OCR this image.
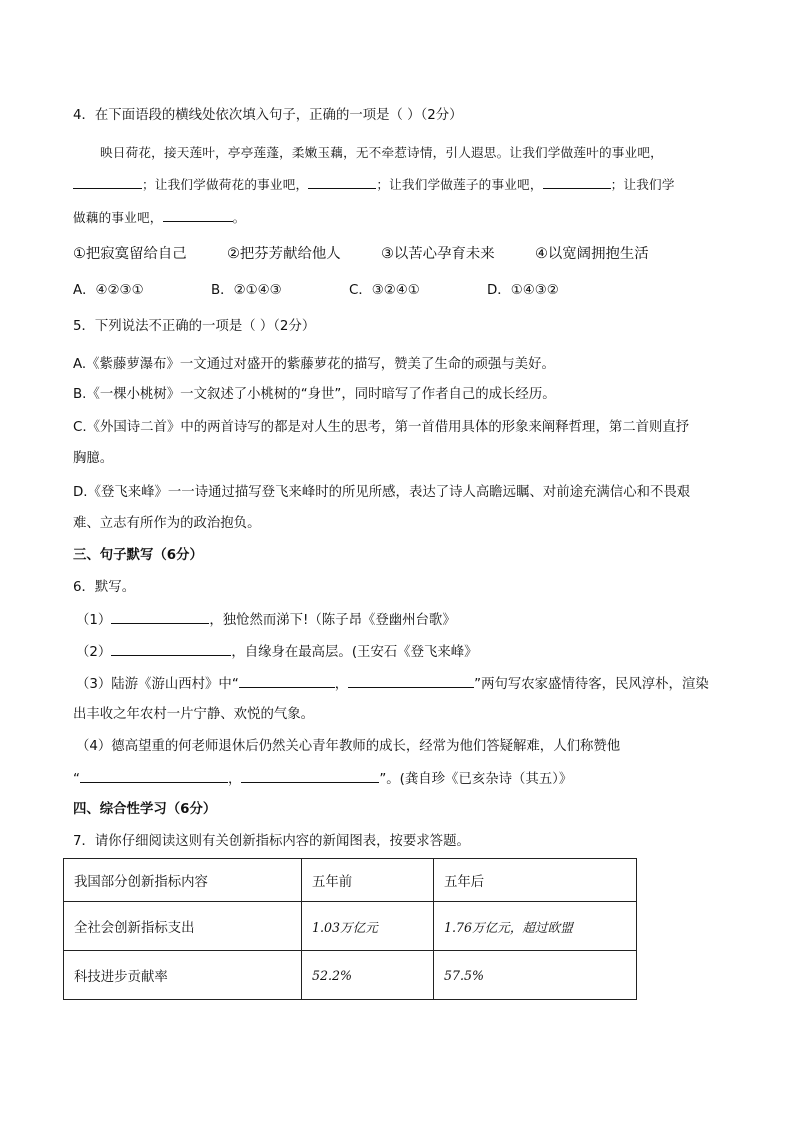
4．在下面语段的横线处依次填入句子，正确的一项是（ ）（2分）
映日荷花，接天莲叶，亭亭莲蓬，柔嫩玉藕，无不牵惹诗情，引人遐思。让我们学做莲叶的事业吧，
；让我们学做荷花的事业吧，	；让我们学做莲子的事业吧，	；让我们学
做藕的事业吧，	。
①把寂寞留给自己	②把芬芳献给他人	③以苦心孕育未来	④以宽阔拥抱生活
A．④②③①	B．②①④③	C．③②④①	D．①④③②
5．下列说法不正确的一项是（ ）（2分）
A.《紫藤萝瀑布》一文通过对盛开的紫藤萝花的描写，赞美了生命的顽强与美好。
B.《一棵小桃树》一文叙述了小桃树的“身世”，同时暗写了作者自己的成长经历。
C.《外国诗二首》中的两首诗写的都是对人生的思考，第一首借用具体的形象来阐释哲理，第二首则直抒
胸臆。
D.《登飞来峰》一一诗通过描写登飞来峰时的所见所感，表达了诗人高瞻远瞩、对前途充满信心和不畏艰
难、立志有所作为的政治抱负。
三、句子默写（6分）
6．默写。
（1）	，独怆然而涕下!（陈子昂《登幽州台歌》
（2）	，自缘身在最高层。(王安石《登飞来峰》
（3）陆游《游山西村》中“	，	”两句写农家盛情待客，民风淳朴，渲染
出丰收之年农村一片宁静、欢悦的气象。
（4）德高望重的何老师退休后仍然关心青年教师的成长，经常为他们答疑解难，人们称赞他
“	，	”。(龚自珍《已亥杂诗（其五）》
四、综合性学习（6分）
7．请你仔细阅读这则有关创新指标内容的新闻图表，按要求答题。
我国部分创新指标内容	五年前	五年后
全社会创新指标支出	1.03万亿元	1.76万亿元，超过欧盟
科技进步贡献率	52.2%	57.5%
